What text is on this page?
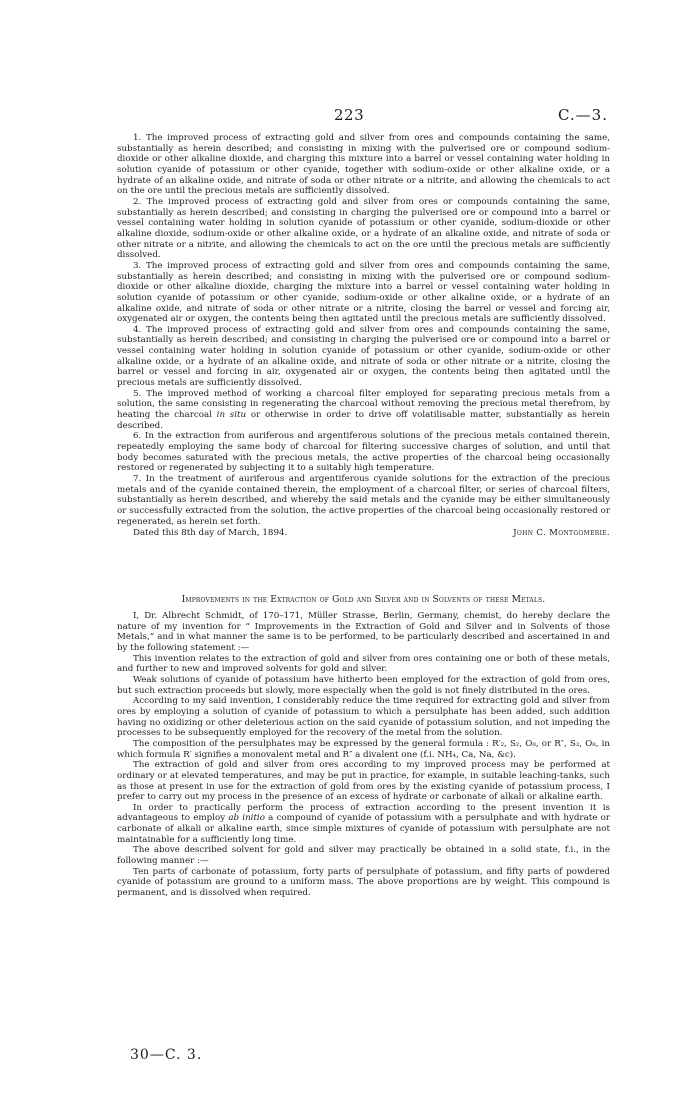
223	C.—3.

1. The improved process of extracting gold and silver from ores and compounds containing the same, substantially as herein described; and consisting in mixing with the pulverised ore or compound sodium-dioxide or other alkaline dioxide, and charging this mixture into a barrel or vessel containing water holding in solution cyanide of potassium or other cyanide, together with sodium-oxide or other alkaline oxide, or a hydrate of an alkaline oxide, and nitrate of soda or other nitrate or a nitrite, and allowing the chemicals to act on the ore until the precious metals are sufficiently dissolved.

2. The improved process of extracting gold and silver from ores or compounds containing the same, substantially as herein described; and consisting in charging the pulverised ore or compound into a barrel or vessel containing water holding in solution cyanide of potassium or other cyanide, sodium-dioxide or other alkaline dioxide, sodium-oxide or other alkaline oxide, or a hydrate of an alkaline oxide, and nitrate of soda or other nitrate or a nitrite, and allowing the chemicals to act on the ore until the precious metals are sufficiently dissolved.

3. The improved process of extracting gold and silver from ores and compounds containing the same, substantially as herein described; and consisting in mixing with the pulverised ore or compound sodium-dioxide or other alkaline dioxide, charging the mixture into a barrel or vessel containing water holding in solution cyanide of potassium or other cyanide, sodium-oxide or other alkaline oxide, or a hydrate of an alkaline oxide, and nitrate of soda or other nitrate or a nitrite, closing the barrel or vessel and forcing air, oxygenated air or oxygen, the contents being then agitated until the precious metals are sufficiently dissolved.

4. The improved process of extracting gold and silver from ores and compounds containing the same, substantially as herein described; and consisting in charging the pulverised ore or compound into a barrel or vessel containing water holding in solution cyanide of potassium or other cyanide, sodium-oxide or other alkaline oxide, or a hydrate of an alkaline oxide, and nitrate of soda or other nitrate or a nitrite, closing the barrel or vessel and forcing in air, oxygenated air or oxygen, the contents being then agitated until the precious metals are sufficiently dissolved.

5. The improved method of working a charcoal filter employed for separating precious metals from a solution, the same consisting in regenerating the charcoal without removing the precious metal therefrom, by heating the charcoal in situ or otherwise in order to drive off volatilisable matter, substantially as herein described.

6. In the extraction from auriferous and argentiferous solutions of the precious metals contained therein, repeatedly employing the same body of charcoal for filtering successive charges of solution, and until that body becomes saturated with the precious metals, the active properties of the charcoal being occasionally restored or regenerated by subjecting it to a suitably high temperature.

7. In the treatment of auriferous and argentiferous cyanide solutions for the extraction of the precious metals and of the cyanide contained therein, the employment of a charcoal filter, or series of charcoal filters, substantially as herein described, and whereby the said metals and the cyanide may be either simultaneously or successfully extracted from the solution, the active properties of the charcoal being occasionally restored or regenerated, as herein set forth.

Dated this 8th day of March, 1894.	John C. Montgomerie.
Improvements in the Extraction of Gold and Silver and in Solvents of these Metals.

I, Dr. Albrecht Schmidt, of 170–171, Müller Strasse, Berlin, Germany, chemist, do hereby declare the nature of my invention for “ Improvements in the Extraction of Gold and Silver and in Solvents of those Metals,” and in what manner the same is to be performed, to be particularly described and ascertained in and by the following statement :—

This invention relates to the extraction of gold and silver from ores containing one or both of these metals, and further to new and improved solvents for gold and silver.

Weak solutions of cyanide of potassium have hitherto been employed for the extraction of gold from ores, but such extraction proceeds but slowly, more especially when the gold is not finely distributed in the ores.

According to my said invention, I considerably reduce the time required for extracting gold and silver from ores by employing a solution of cyanide of potassium to which a persulphate has been added, such addition having no oxidizing or other deleterious action on the said cyanide of potassium solution, and not impeding the processes to be subsequently employed for the recovery of the metal from the solution.

The composition of the persulphates may be expressed by the general formula : R′₂, S₂, O₈, or R″, S₂, O₈, in which formula R′ signifies a monovalent metal and R″ a divalent one (f.i. NH₄, Ca, Na, &c).

The extraction of gold and silver from ores according to my improved process may be performed at ordinary or at elevated temperatures, and may be put in practice, for example, in suitable leaching-tanks, such as those at present in use for the extraction of gold from ores by the existing cyanide of potassium process, I prefer to carry out my process in the presence of an excess of hydrate or carbonate of alkali or alkaline earth.

In order to practically perform the process of extraction according to the present invention it is advantageous to employ ab initio a compound of cyanide of potassium with a persulphate and with hydrate or carbonate of alkali or alkaline earth, since simple mixtures of cyanide of potassium with persulphate are not maintainable for a sufficiently long time.

The above described solvent for gold and silver may practically be obtained in a solid state, f.i., in the following manner :—

Ten parts of carbonate of potassium, forty parts of persulphate of potassium, and fifty parts of powdered cyanide of potassium are ground to a uniform mass. The above proportions are by weight. This compound is permanent, and is dissolved when required.

30—C. 3.
